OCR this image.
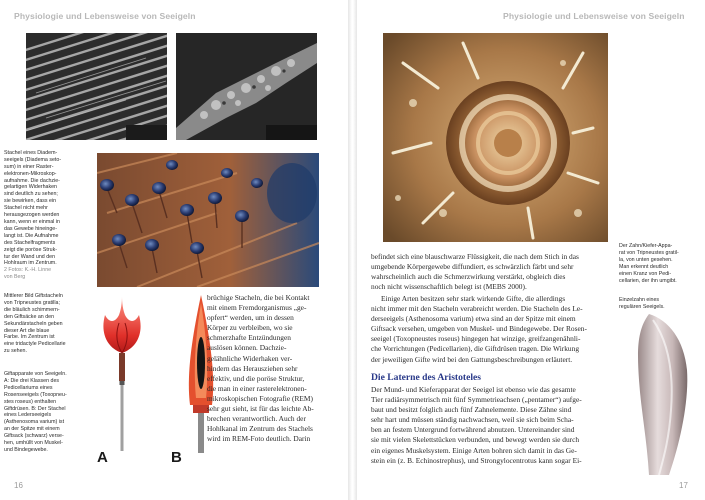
Physiologie und Lebensweise von Seeigeln

Stachel eines Diadem-
seeigels (Diadema seto-
sum) in einer Raster-
elektronen-Mikroskop-
aufnahme. Die dachzie-
gelartigen Widerhaken
sind deutlich zu sehen;
sie bewirken, dass ein
Stachel nicht mehr
herausgezogen werden
kann, wenn er einmal in
das Gewebe hineinge-
langt ist. Die Aufnahme
des Stachelfragments
zeigt die poröse Struk-
tur der Wand und den
Hohlraum im Zentrum.
2 Fotos: K.-H. Linne
von Berg

Mittlerer Bild Giftstacheln
von Tripneustes gratilla;
die bläulich schimmern-
den Giftsäcke an den
Sekundärstacheln geben
dieser Art die blaue
Farbe. Im Zentrum ist
eine tridactyle Pedicellarie
zu sehen.
Giftapparate von Seeigeln.
A: Die drei Klassen des
Pedicellariums eines
Rosenseeigels (Toxopneu-
stes roseus) enthalten
Giftdrüsen. B: Der Stachel
eines Lederseeigels
(Asthenosoma varium) ist
an der Spitze mit einem
Giftsack (schwarz) verse-
hen, umhüllt von Muskel-
und Bindegewebe.	A	B
brüchige Stacheln, die bei Kontakt
mit einem Fremdorganismus „ge-
opfert“ werden, um in dessen
Körper zu verbleiben, wo sie
schmerzhafte Entzündungen
auslösen können. Dachzie-
gelähnliche Widerhaken ver-
hindern das Herausziehen sehr
effektiv, und die poröse Struktur,
die man in einer rasterelektronen-
mikroskopischen Fotografie (REM)
sehr gut sieht, ist für das leichte Ab-
brechen verantwortlich. Auch der
Hohlkanal im Zentrum des Stachels
wird im REM-Foto deutlich. Darin
16
Physiologie und Lebensweise von Seeigeln
Der Zahn/Kiefer-Appa-
rat von Tripneustes gratil-
la, von unten gesehen.
Man erkennt deutlich
einen Kranz von Pedi-
cellarien, der ihn umgibt.
Einzelzahn eines
regulären Seeigels.
befindet sich eine blauschwarze Flüssigkeit, die nach dem Stich in das
umgebende Körpergewebe diffundiert, es schwärzlich färbt und sehr
wahrscheinlich auch die Schmerzwirkung verstärkt, obgleich dies
noch nicht wissenschaftlich belegt ist (MEBS 2000).
Einige Arten besitzen sehr stark wirkende Gifte, die allerdings
nicht immer mit den Stacheln verabreicht werden. Die Stacheln des Le-
derseeigels (Asthenosoma varium) etwa sind an der Spitze mit einem
Giftsack versehen, umgeben von Muskel- und Bindegewebe. Der Rosen-
seeigel (Toxopneustes roseus) hingegen hat winzige, greifzangenähnli-
che Vorrichtungen (Pedicellarien), die Giftdrüsen tragen. Die Wirkung
der jeweiligen Gifte wird bei den Gattungsbeschreibungen erläutert.
Die Laterne des Aristoteles
Der Mund- und Kieferapparat der Seeigel ist ebenso wie das gesamte
Tier radiärsymmetrisch mit fünf Symmetrieachsen („pentamer“) aufge-
baut und besitzt folglich auch fünf Zahnelemente. Diese Zähne sind
sehr hart und müssen ständig nachwachsen, weil sie sich beim Scha-
ben an festem Untergrund fortwährend abnutzen. Untereinander sind
sie mit vielen Skelettstücken verbunden, und bewegt werden sie durch
ein eigenes Muskelsystem. Einige Arten bohren sich damit in das Ge-
stein ein (z. B. Echinostrephus), und Strongylocentrotus kann sogar Ei-
17
